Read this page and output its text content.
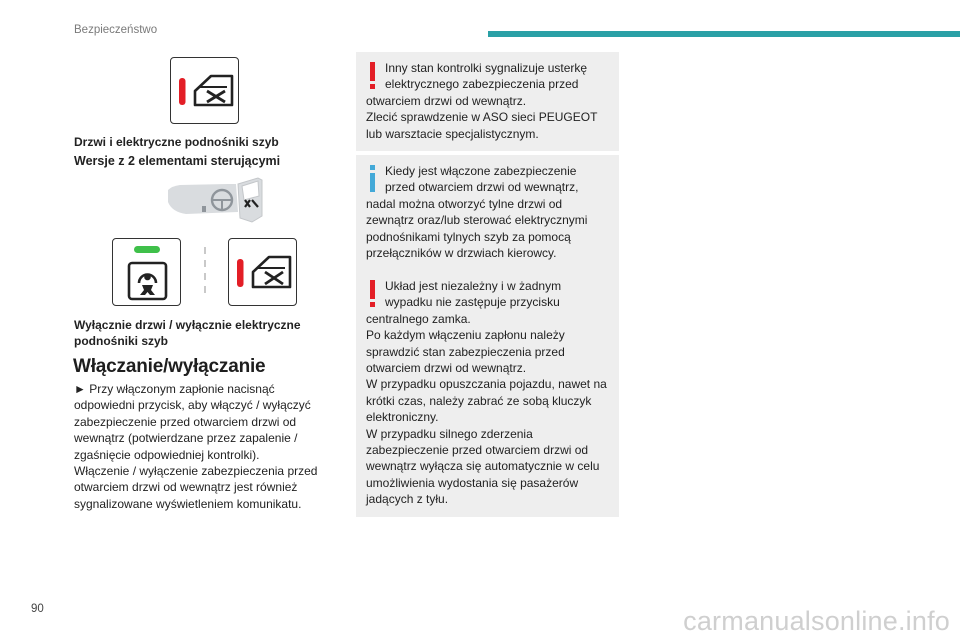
Bezpieczeństwo
Drzwi i elektryczne podnośniki szyb
Wersje z 2 elementami sterującymi
Wyłącznie drzwi / wyłącznie elektryczne
podnośniki szyb
Włączanie/wyłączanie

► Przy włączonym zapłonie nacisnąć

odpowiedni przycisk, aby włączyć / wyłączyć

zabezpieczenie przed otwarciem drzwi od

wewnątrz (potwierdzane przez zapalenie /

zgaśnięcie odpowiedniej kontrolki).

Włączenie / wyłączenie zabezpieczenia przed

otwarciem drzwi od wewnątrz jest również

sygnalizowane wyświetleniem komunikatu.

Inny stan kontrolki sygnalizuje usterkę

elektrycznego zabezpieczenia przed

otwarciem drzwi od wewnątrz.

Zlecić sprawdzenie w ASO sieci PEUGEOT

lub warsztacie specjalistycznym.

Kiedy jest włączone zabezpieczenie

przed otwarciem drzwi od wewnątrz,

nadal można otworzyć tylne drzwi od

zewnątrz oraz/lub sterować elektrycznymi

podnośnikami tylnych szyb za pomocą

przełączników w drzwiach kierowcy.

Układ jest niezależny i w żadnym

wypadku nie zastępuje przycisku

centralnego zamka.

Po każdym włączeniu zapłonu należy

sprawdzić stan zabezpieczenia przed

otwarciem drzwi od wewnątrz.

W przypadku opuszczania pojazdu, nawet na

krótki czas, należy zabrać ze sobą kluczyk

elektroniczny.

W przypadku silnego zderzenia

zabezpieczenie przed otwarciem drzwi od

wewnątrz wyłącza się automatycznie w celu

umożliwienia wydostania się pasażerów

jadących z tyłu.

90	carmanualsonline.info
